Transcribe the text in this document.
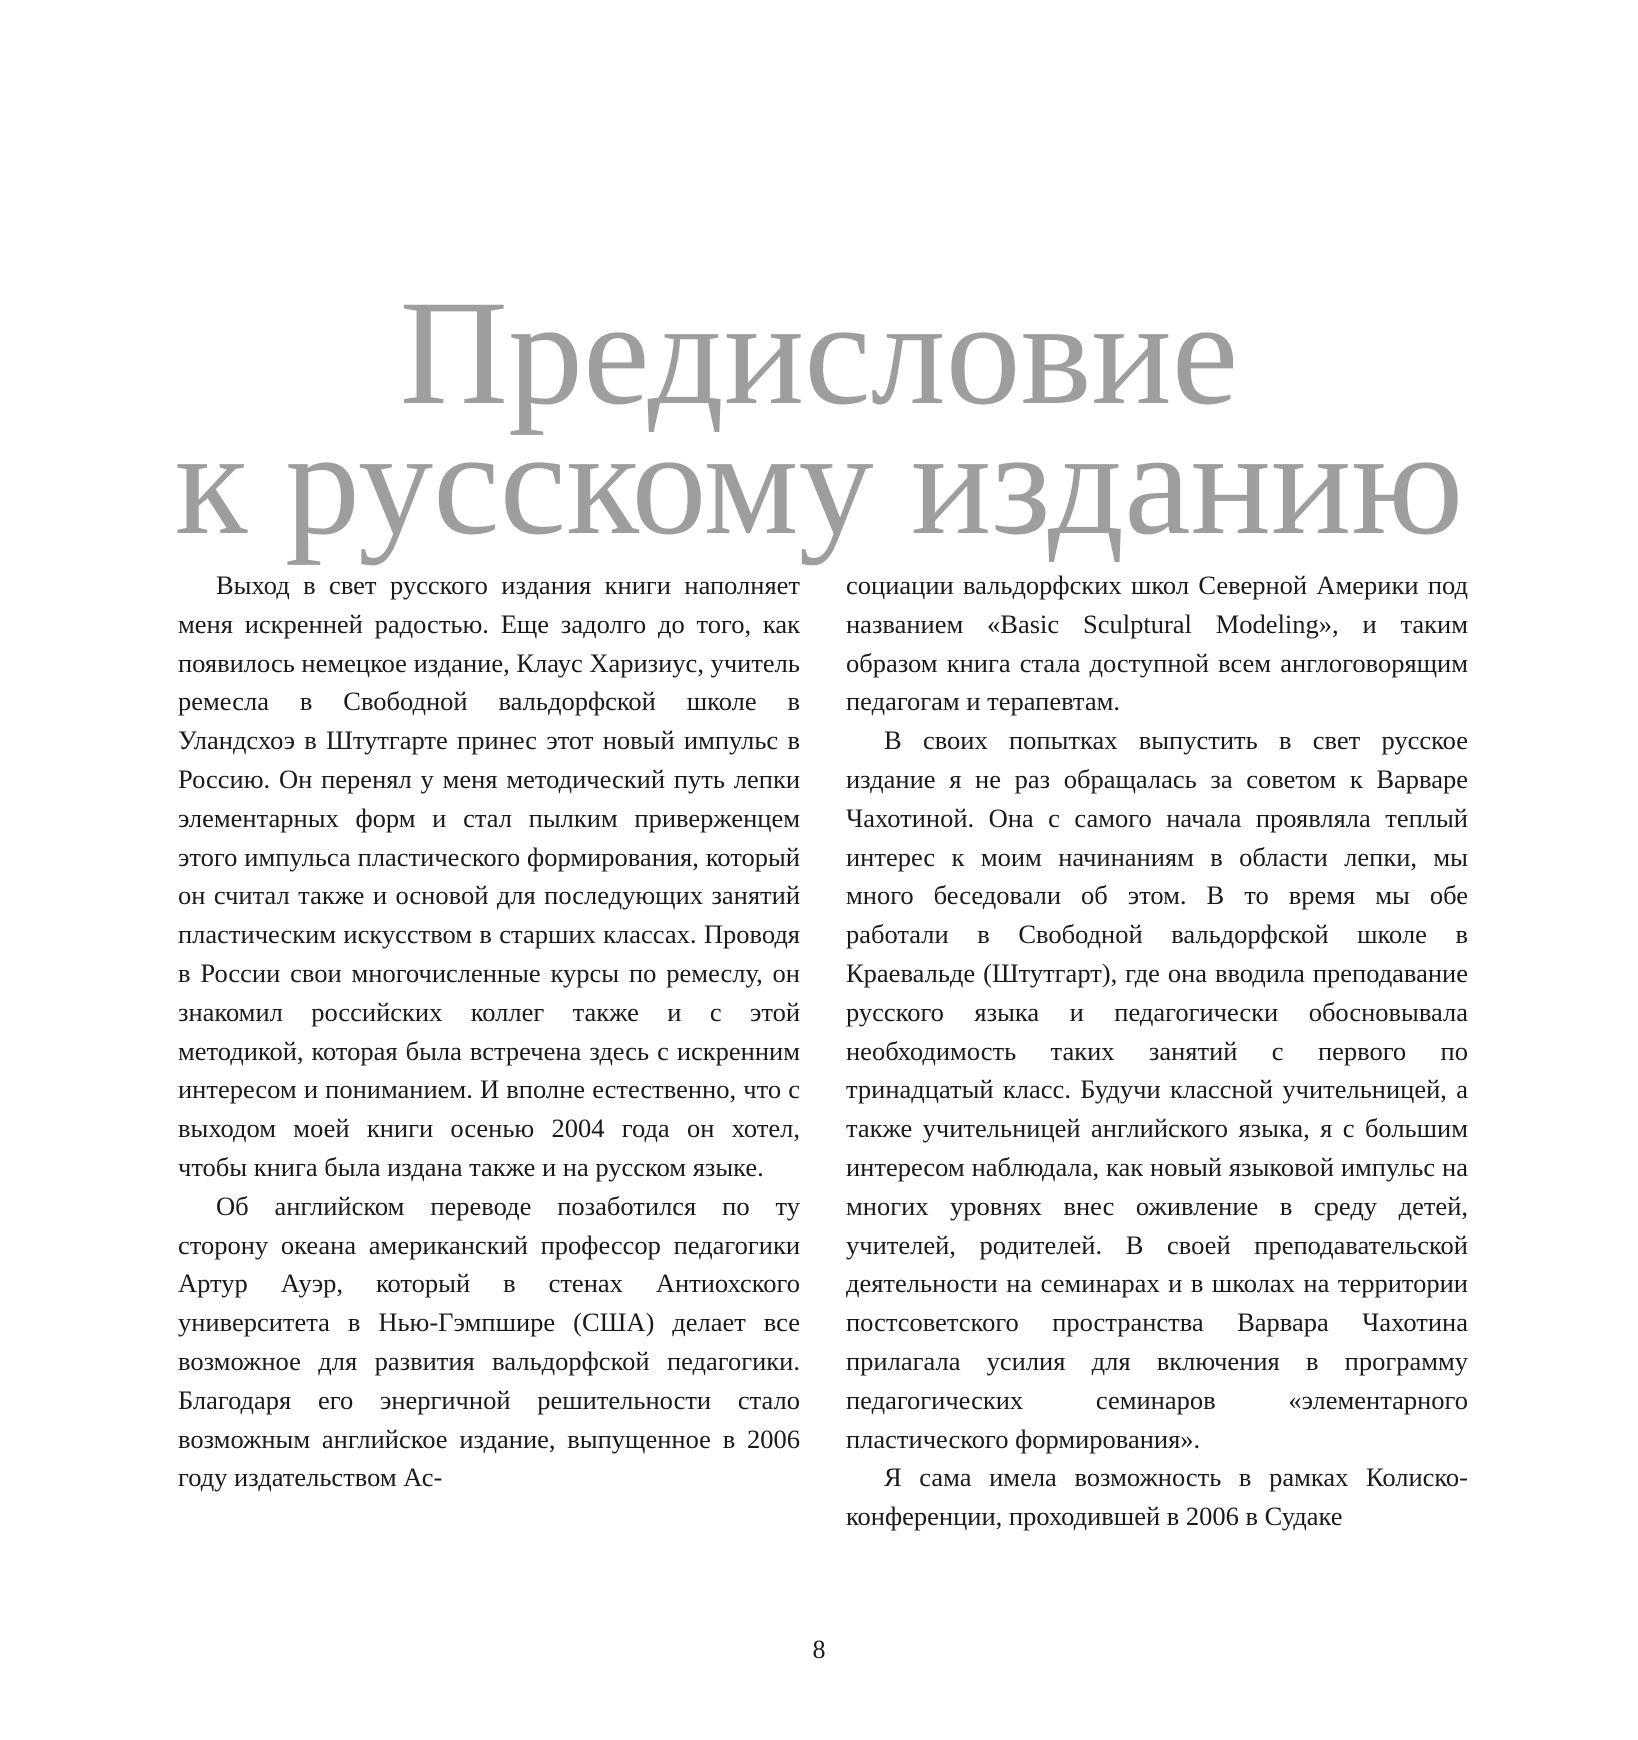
Предисловие
к русскому изданию

Выход в свет русского издания книги наполняет меня искренней радостью. Еще задолго до того, как появилось немецкое издание, Клаус Харизиус, учитель ремесла в Свободной вальдорфской школе в Уландсхоэ в Штутгарте принес этот новый импульс в Россию. Он перенял у меня методический путь лепки элементарных форм и стал пылким приверженцем этого импульса пластического формирования, который он считал также и основой для последующих занятий пластическим искусством в старших классах. Проводя в России свои многочисленные курсы по ремеслу, он знакомил российских коллег также и с этой методикой, которая была встречена здесь с искренним интересом и пониманием. И вполне естественно, что с выходом моей книги осенью 2004 года он хотел, чтобы книга была издана также и на русском языке.

Об английском переводе позаботился по ту сторону океана американский профессор педагогики Артур Ауэр, который в стенах Антиохского университета в Нью-Гэмпшире (США) делает все возможное для развития вальдорфской педагогики. Благодаря его энергичной решительности стало возможным английское издание, выпущенное в 2006 году издательством Ас-

социации вальдорфских школ Северной Америки под названием «Basic Sculptural Modeling», и таким образом книга стала доступной всем англоговорящим педагогам и терапевтам.

В своих попытках выпустить в свет русское издание я не раз обращалась за советом к Варваре Чахотиной. Она с самого начала проявляла теплый интерес к моим начинаниям в области лепки, мы много беседовали об этом. В то время мы обе работали в Свободной вальдорфской школе в Краевальде (Штутгарт), где она вводила преподавание русского языка и педагогически обосновывала необходимость таких занятий с первого по тринадцатый класс. Будучи классной учительницей, а также учительницей английского языка, я с большим интересом наблюдала, как новый языковой импульс на многих уровнях внес оживление в среду детей, учителей, родителей. В своей преподавательской деятельности на семинарах и в школах на территории постсоветского пространства Варвара Чахотина прилагала усилия для включения в программу педагогических семинаров «элементарного пластического формирования».

Я сама имела возможность в рамках Колиско-конференции, проходившей в 2006 в Судаке

8
